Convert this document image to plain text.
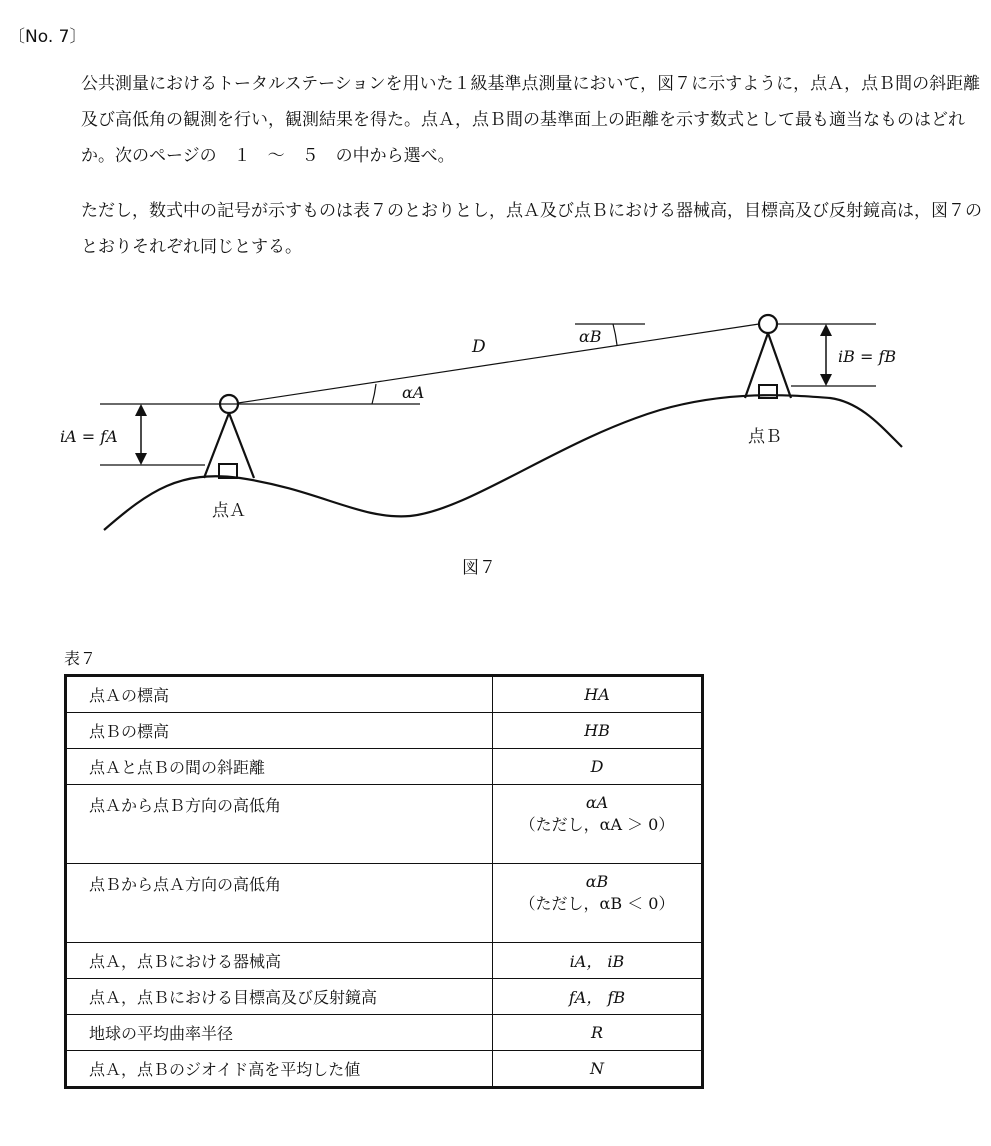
〔No. 7〕
公共測量におけるトータルステーションを用いた１級基準点測量において，図７に示すように，点Ａ，点Ｂ間の斜距離及び高低角の観測を行い，観測結果を得た。点Ａ，点Ｂ間の基準面上の距離を示す数式として最も適当なものはどれか。次のページの　１　～　５　の中から選べ。
ただし，数式中の記号が示すものは表７のとおりとし，点Ａ及び点Ｂにおける器械高，目標高及び反射鏡高は，図７のとおりそれぞれ同じとする。
D
αA
αB
iA = fA
iB = fB
点Ａ
点Ｂ
図７
表７
点Ａの標高	HA
点Ｂの標高	HB
点Ａと点Ｂの間の斜距離	D
点Ａから点Ｂ方向の高低角	αA
（ただし，αA ＞ 0）

点Ｂから点Ａ方向の高低角	αB
（ただし，αB ＜ 0）

点Ａ，点Ｂにおける器械高	iA， iB
点Ａ，点Ｂにおける目標高及び反射鏡高	fA， fB
地球の平均曲率半径	R
点Ａ，点Ｂのジオイド高を平均した値	N
